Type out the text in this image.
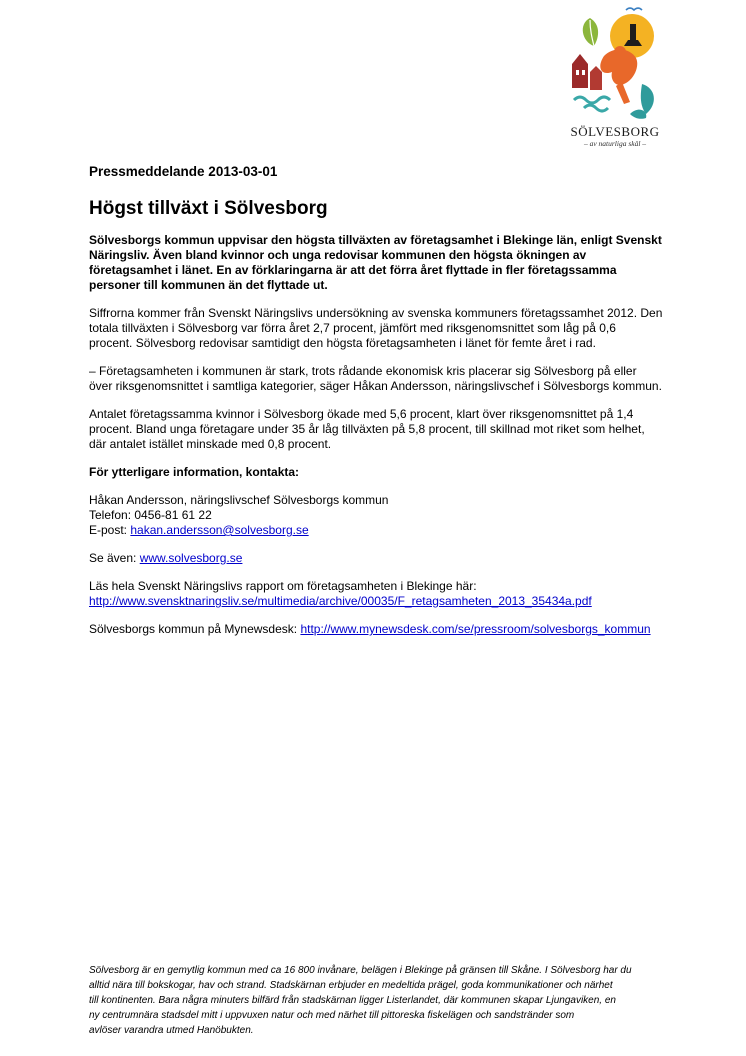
SÖLVESBORG
– av naturliga skäl –

Pressmeddelande 2013-03-01

Högst tillväxt i Sölvesborg
Sölvesborgs kommun uppvisar den högsta tillväxten av företagsamhet i Blekinge län, enligt Svenskt
Näringsliv. Även bland kvinnor och unga redovisar kommunen den högsta ökningen av
företagsamhet i länet. En av förklaringarna är att det förra året flyttade in fler företagssamma
personer till kommunen än det flyttade ut.

Siffrorna kommer från Svenskt Näringslivs undersökning av svenska kommuners företagssamhet 2012. Den
totala tillväxten i Sölvesborg var förra året 2,7 procent, jämfört med riksgenomsnittet som låg på 0,6
procent. Sölvesborg redovisar samtidigt den högsta företagsamheten i länet för femte året i rad.

– Företagsamheten i kommunen är stark, trots rådande ekonomisk kris placerar sig Sölvesborg på eller
över riksgenomsnittet i samtliga kategorier, säger Håkan Andersson, näringslivschef i Sölvesborgs kommun.

Antalet företagssamma kvinnor i Sölvesborg ökade med 5,6 procent, klart över riksgenomsnittet på 1,4
procent. Bland unga företagare under 35 år låg tillväxten på 5,8 procent, till skillnad mot riket som helhet,
där antalet istället minskade med 0,8 procent.

För ytterligare information, kontakta:

Håkan Andersson, näringslivschef Sölvesborgs kommun
Telefon: 0456-81 61 22
E-post: hakan.andersson@solvesborg.se

Se även: www.solvesborg.se

Läs hela Svenskt Näringslivs rapport om företagsamheten i Blekinge här:
http://www.svensktnaringsliv.se/multimedia/archive/00035/F_retagsamheten_2013_35434a.pdf

Sölvesborgs kommun på Mynewsdesk: http://www.mynewsdesk.com/se/pressroom/solvesborgs_kommun

Sölvesborg är en gemytlig kommun med ca 16 800 invånare, belägen i Blekinge på gränsen till Skåne. I Sölvesborg har du
alltid nära till bokskogar, hav och strand. Stadskärnan erbjuder en medeltida prägel, goda kommunikationer och närhet
till kontinenten. Bara några minuters bilfärd från stadskärnan ligger Listerlandet, där kommunen skapar Ljungaviken, en
ny centrumnära stadsdel mitt i uppvuxen natur och med närhet till pittoreska fiskelägen och sandstränder som
avlöser varandra utmed Hanöbukten.
